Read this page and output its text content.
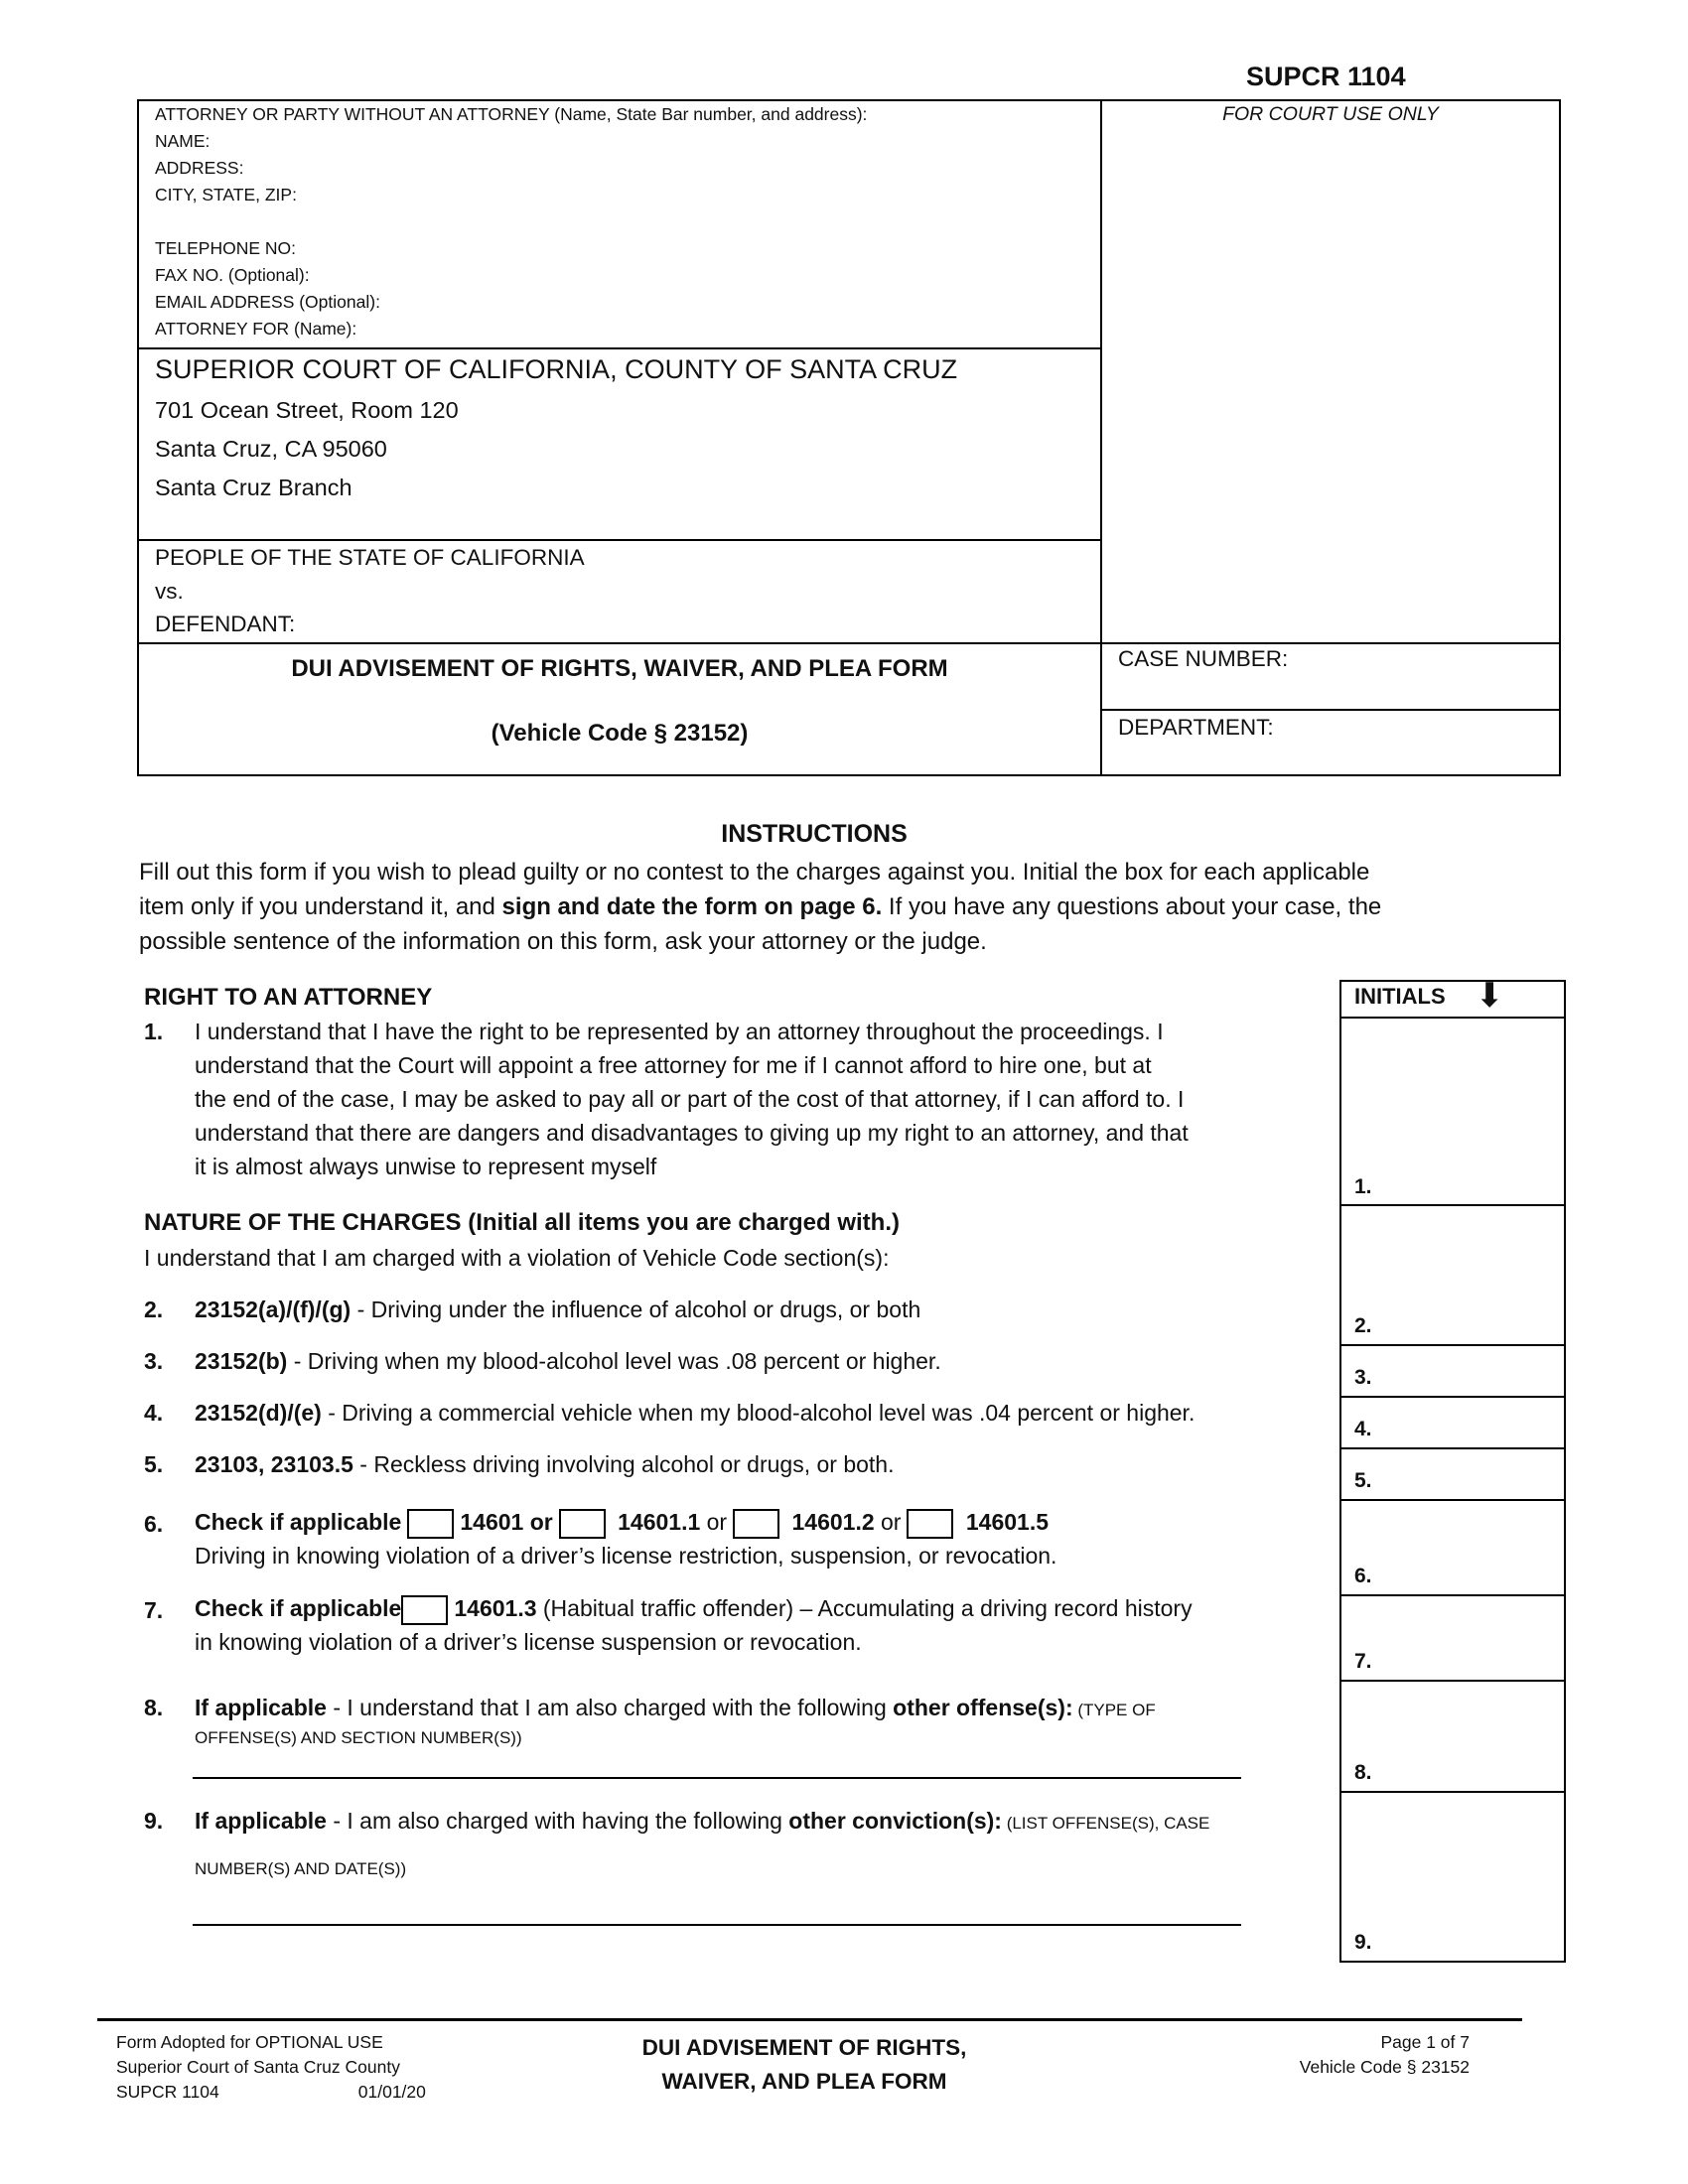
SUPCR 1104
ATTORNEY OR PARTY WITHOUT AN ATTORNEY (Name, State Bar number, and address):
NAME:
ADDRESS:
CITY, STATE, ZIP:
TELEPHONE NO:
FAX NO. (Optional):
EMAIL ADDRESS (Optional):
ATTORNEY FOR (Name):
FOR COURT USE ONLY
SUPERIOR COURT OF CALIFORNIA, COUNTY OF SANTA CRUZ
701 Ocean Street, Room 120
Santa Cruz, CA 95060
Santa Cruz Branch
PEOPLE OF THE STATE OF CALIFORNIA
vs.
DEFENDANT:
DUI ADVISEMENT OF RIGHTS, WAIVER, AND PLEA FORM
(Vehicle Code § 23152)
CASE NUMBER:
DEPARTMENT:
INSTRUCTIONS
Fill out this form if you wish to plead guilty or no contest to the charges against you. Initial the box for each applicable
item only if you understand it, and sign and date the form on page 6. If you have any questions about your case, the
possible sentence of the information on this form, ask your attorney or the judge.
INITIALS ⬇
1.
2.
3.
4.
5.
6.
7.
8.
9.
RIGHT TO AN ATTORNEY
1. I understand that I have the right to be represented by an attorney throughout the proceedings. I
understand that the Court will appoint a free attorney for me if I cannot afford to hire one, but at
the end of the case, I may be asked to pay all or part of the cost of that attorney, if I can afford to. I
understand that there are dangers and disadvantages to giving up my right to an attorney, and that
it is almost always unwise to represent myself
NATURE OF THE CHARGES (Initial all items you are charged with.)
I understand that I am charged with a violation of Vehicle Code section(s):
2. 23152(a)/(f)/(g) - Driving under the influence of alcohol or drugs, or both
3. 23152(b) - Driving when my blood-alcohol level was .08 percent or higher.
4. 23152(d)/(e) - Driving a commercial vehicle when my blood-alcohol level was .04 percent or higher.
5. 23103, 23103.5 - Reckless driving involving alcohol or drugs, or both.
6. Check if applicable	14601 or	14601.1 or	14601.2 or	14601.5
Driving in knowing violation of a driver’s license restriction, suspension, or revocation.
7. Check if applicable 14601.3 (Habitual traffic offender) – Accumulating a driving record history
in knowing violation of a driver’s license suspension or revocation.
8. If applicable - I understand that I am also charged with the following other offense(s): (TYPE OF
OFFENSE(S) AND SECTION NUMBER(S))
9. If applicable - I am also charged with having the following other conviction(s): (LIST OFFENSE(S), CASE
NUMBER(S) AND DATE(S))
Form Adopted for OPTIONAL USE
Superior Court of Santa Cruz County
SUPCR 1104	01/01/20
DUI ADVISEMENT OF RIGHTS,
WAIVER, AND PLEA FORM
Page 1 of 7
Vehicle Code § 23152
